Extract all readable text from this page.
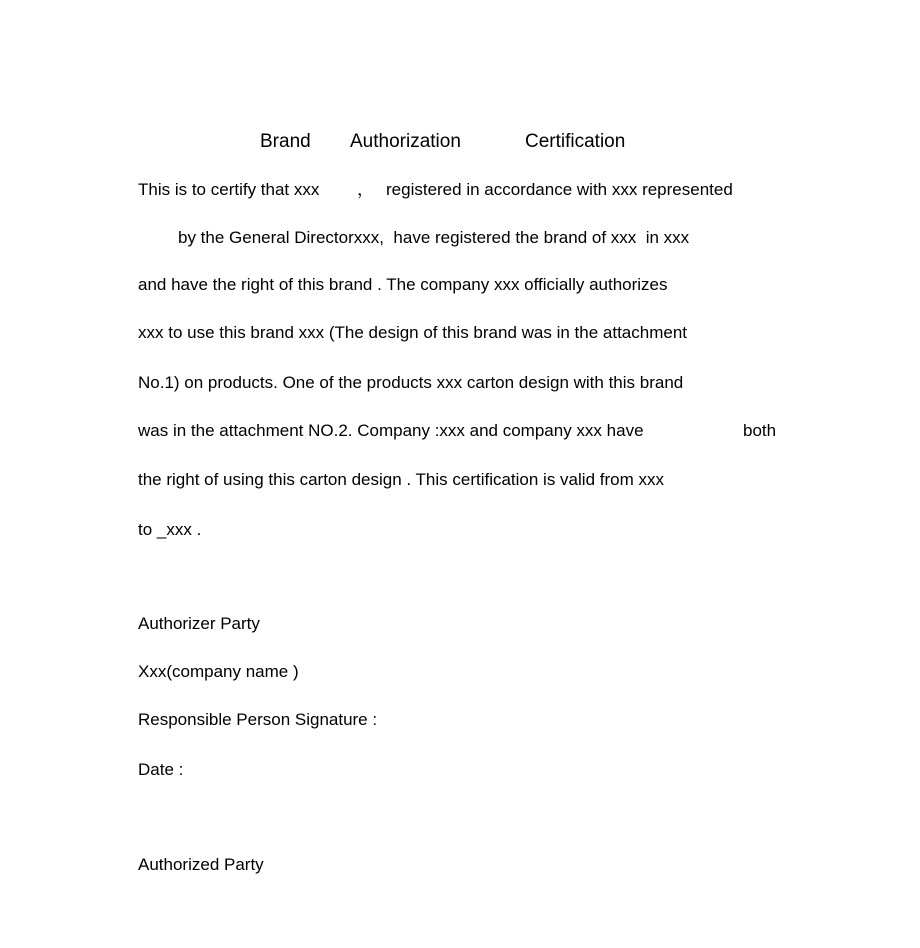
Brand Authorization	Certification
This is to certify that xxx ， registered in accordance with xxx represented
by the General Directorxxx,  have registered the brand of xxx  in xxx
and have the right of this brand . The company xxx officially authorizes
xxx to use this brand xxx (The design of this brand was in the attachment
No.1) on products. One of the products xxx carton design with this brand
was in the attachment NO.2. Company :xxx and company xxx have	both
the right of using this carton design . This certification is valid from xxx
to _xxx .
Authorizer Party
Xxx(company name )
Responsible Person Signature :
Date :
Authorized Party
